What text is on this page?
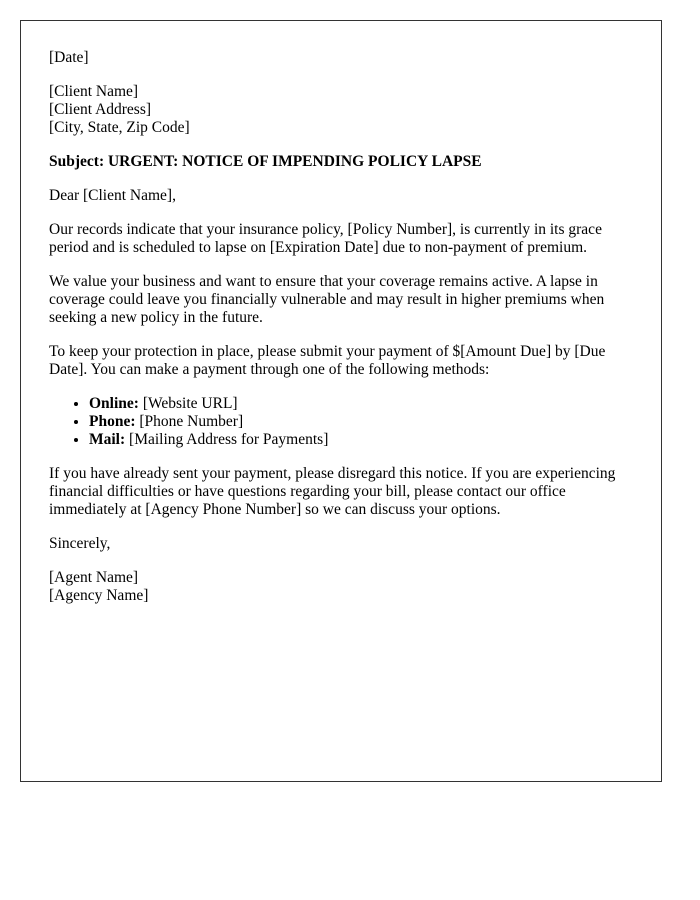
[Date]
[Client Name]
[Client Address]
[City, State, Zip Code]
Subject: URGENT: NOTICE OF IMPENDING POLICY LAPSE

Dear [Client Name],

Our records indicate that your insurance policy, [Policy Number], is currently in its grace period and is scheduled to lapse on [Expiration Date] due to non-payment of premium.

We value your business and want to ensure that your coverage remains active. A lapse in coverage could leave you financially vulnerable and may result in higher premiums when seeking a new policy in the future.

To keep your protection in place, please submit your payment of $[Amount Due] by [Due Date]. You can make a payment through one of the following methods:

• Online: [Website URL]
• Phone: [Phone Number]
• Mail: [Mailing Address for Payments]

If you have already sent your payment, please disregard this notice. If you are experiencing financial difficulties or have questions regarding your bill, please contact our office immediately at [Agency Phone Number] so we can discuss your options.

Sincerely,

[Agent Name]
[Agency Name]
